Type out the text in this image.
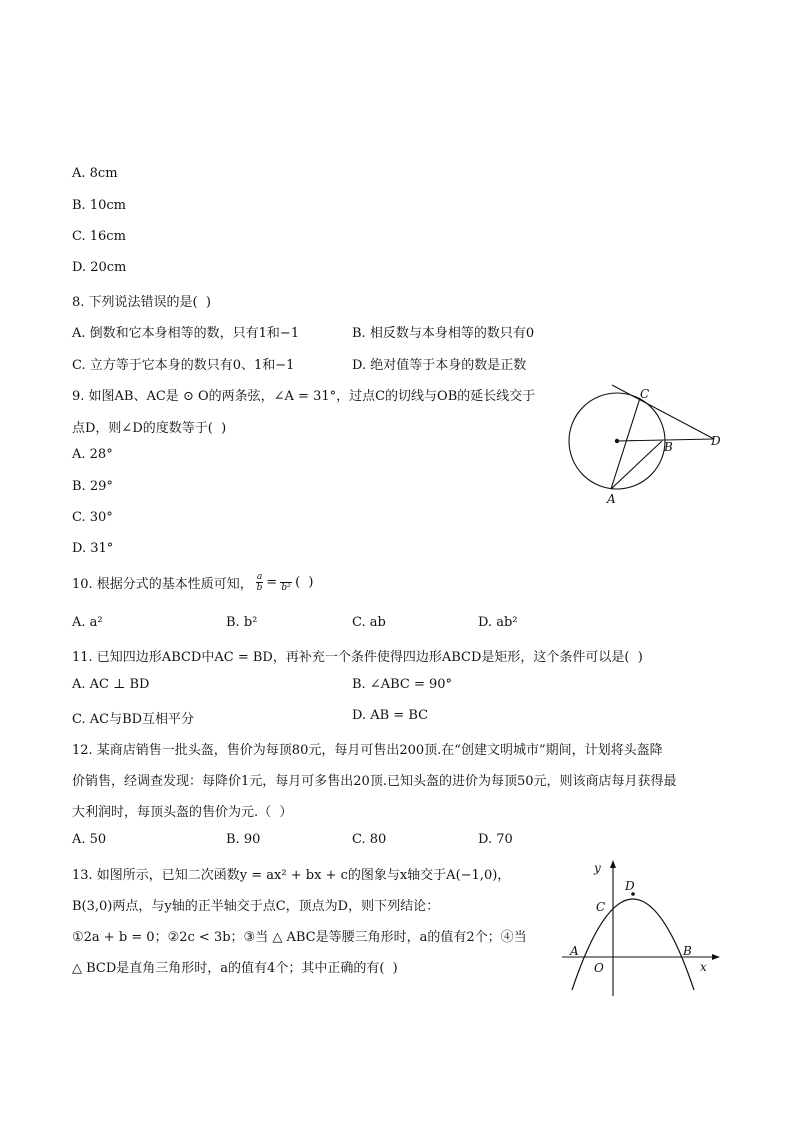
A. 8cm
B. 10cm
C. 16cm
D. 20cm
8. 下列说法错误的是(  )
A. 倒数和它本身相等的数，只有1和−1	B. 相反数与本身相等的数只有0
C. 立方等于它本身的数只有0、1和−1	D. 绝对值等于本身的数是正数
9. 如图AB、AC是 ⊙ O的两条弦，∠A = 31°，过点C的切线与OB的延长线交于
点D，则∠D的度数等于(  )
A. 28°
B. 29°
C. 30°
D. 31°
C
B	D
A
10. 根据分式的基本性质可知， $\frac{a}{b} = b^2$ (  )
A. a²	B. b²	C. ab	D. ab²
11. 已知四边形ABCD中AC = BD，再补充一个条件使得四边形ABCD是矩形，这个条件可以是(  )
A. AC ⊥ BD	B. ∠ABC = 90°
C. AC与BD互相平分	D. AB = BC
12. 某商店销售一批头盔，售价为每顶80元，每月可售出200顶.在“创建文明城市”期间，计划将头盔降
价销售，经调查发现：每降价1元，每月可多售出20顶.已知头盔的进价为每顶50元，则该商店每月获得最
大利润时，每顶头盔的售价为元.（  ）
A. 50	B. 90	C. 80	D. 70
13. 如图所示，已知二次函数y = ax² + bx + c的图象与x轴交于A(−1,0)，
B(3,0)两点，与y轴的正半轴交于点C，顶点为D，则下列结论：
①2a + b = 0；②2c < 3b；③当 △ ABC是等腰三角形时，a的值有2个；④当
△ BCD是直角三角形时，a的值有4个；其中正确的有(  )
y
x
C
D
A
O
B
